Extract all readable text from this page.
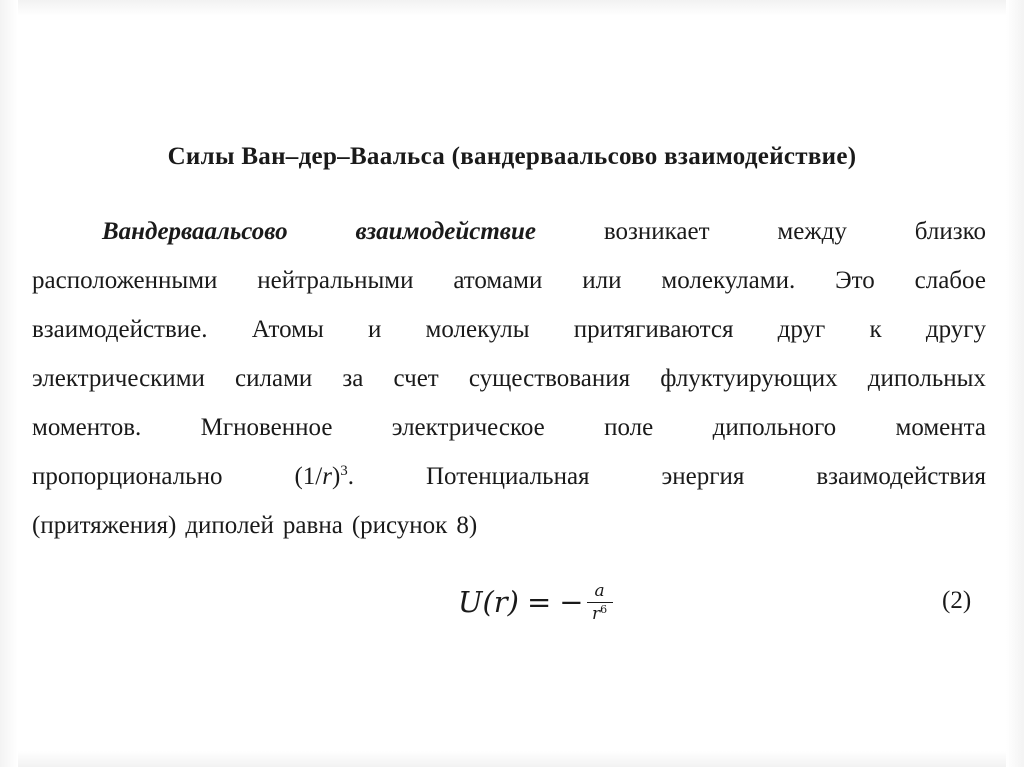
Силы Ван–дер–Ваальса (вандерваальсово взаимодействие)
Вандерваальсово	взаимодействие	возникает	между	близко
расположенными нейтральными атомами или молекулами. Это слабое
взаимодействие. Атомы и молекулы притягиваются друг к другу
электрическими силами за счет существования флуктуирующих дипольных
моментов. Мгновенное электрическое поле дипольного момента
пропорционально	$(1/r)^3$.	Потенциальная	энергия	взаимодействия
(притяжения) диполей равна (рисунок 8)
U(r) = − $\frac{a}{r^6}$	(2)
